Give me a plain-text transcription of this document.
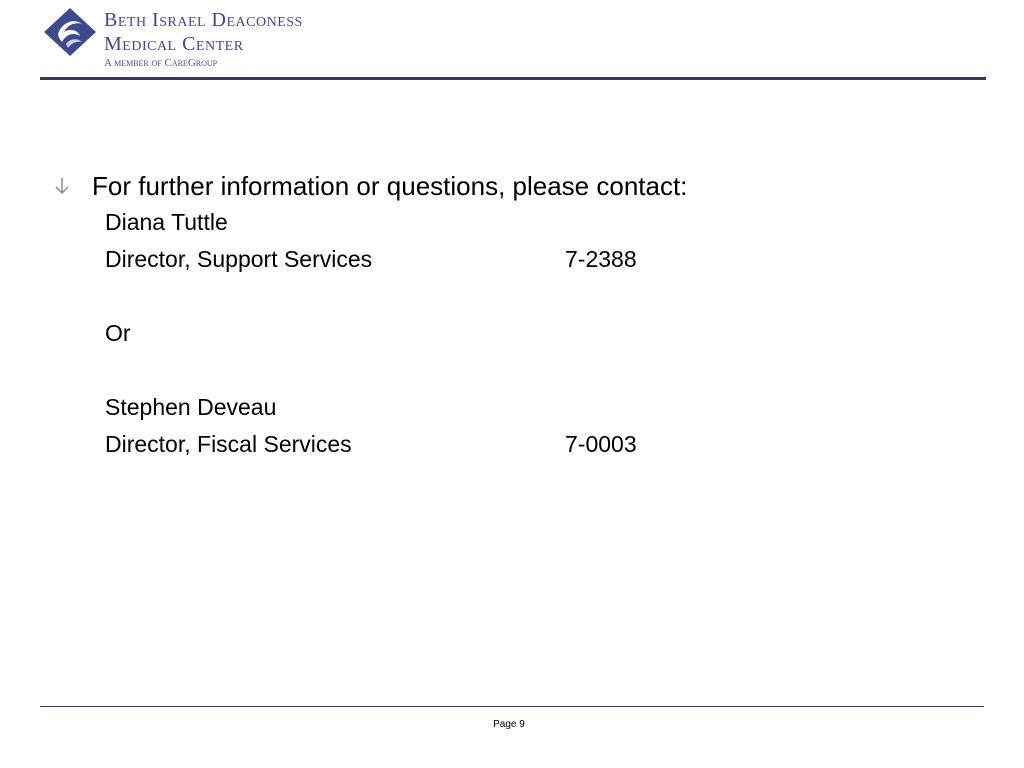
Beth Israel Deaconess
Medical Center
A member of CareGroup
For further information or questions, please contact:
Diana Tuttle
Director, Support Services	7-2388
Or
Stephen Deveau
Director, Fiscal Services	7-0003
Page 9
